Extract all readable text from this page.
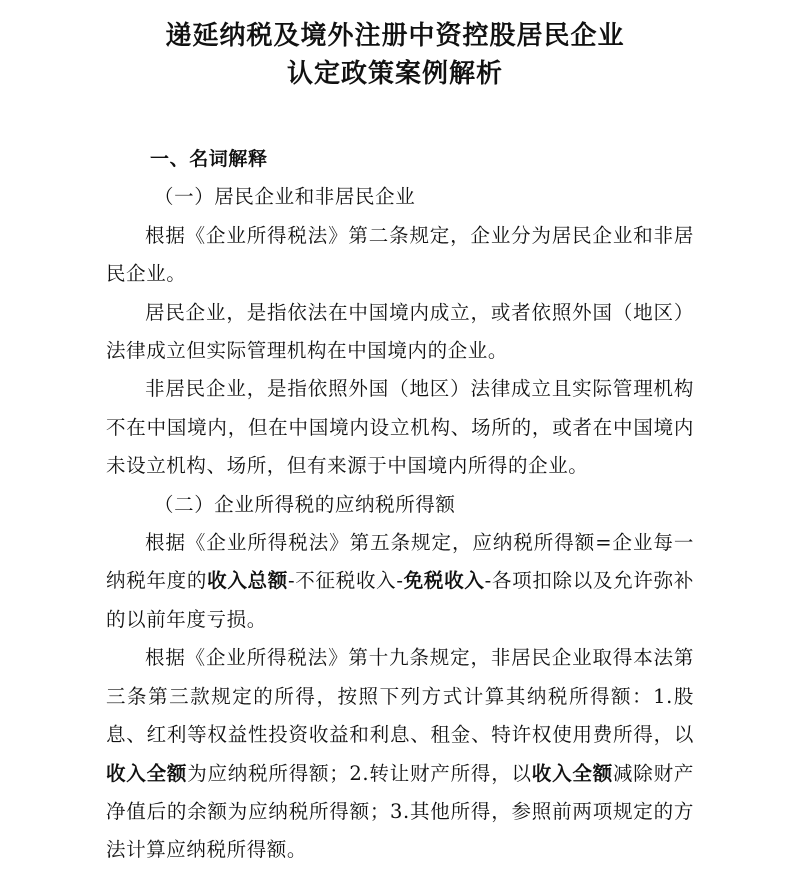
递延纳税及境外注册中资控股居民企业
认定政策案例解析

一、名词解释

（一）居民企业和非居民企业

根据《企业所得税法》第二条规定，企业分为居民企业和非居民企业。

居民企业，是指依法在中国境内成立，或者依照外国（地区）法律成立但实际管理机构在中国境内的企业。

非居民企业，是指依照外国（地区）法律成立且实际管理机构不在中国境内，但在中国境内设立机构、场所的，或者在中国境内未设立机构、场所，但有来源于中国境内所得的企业。

（二）企业所得税的应纳税所得额

根据《企业所得税法》第五条规定，应纳税所得额=企业每一纳税年度的收入总额-不征税收入-免税收入-各项扣除以及允许弥补的以前年度亏损。

根据《企业所得税法》第十九条规定，非居民企业取得本法第三条第三款规定的所得，按照下列方式计算其纳税所得额：1.股息、红利等权益性投资收益和利息、租金、特许权使用费所得，以收入全额为应纳税所得额；2.转让财产所得，以收入全额减除财产净值后的余额为应纳税所得额；3.其他所得，参照前两项规定的方法计算应纳税所得额。
